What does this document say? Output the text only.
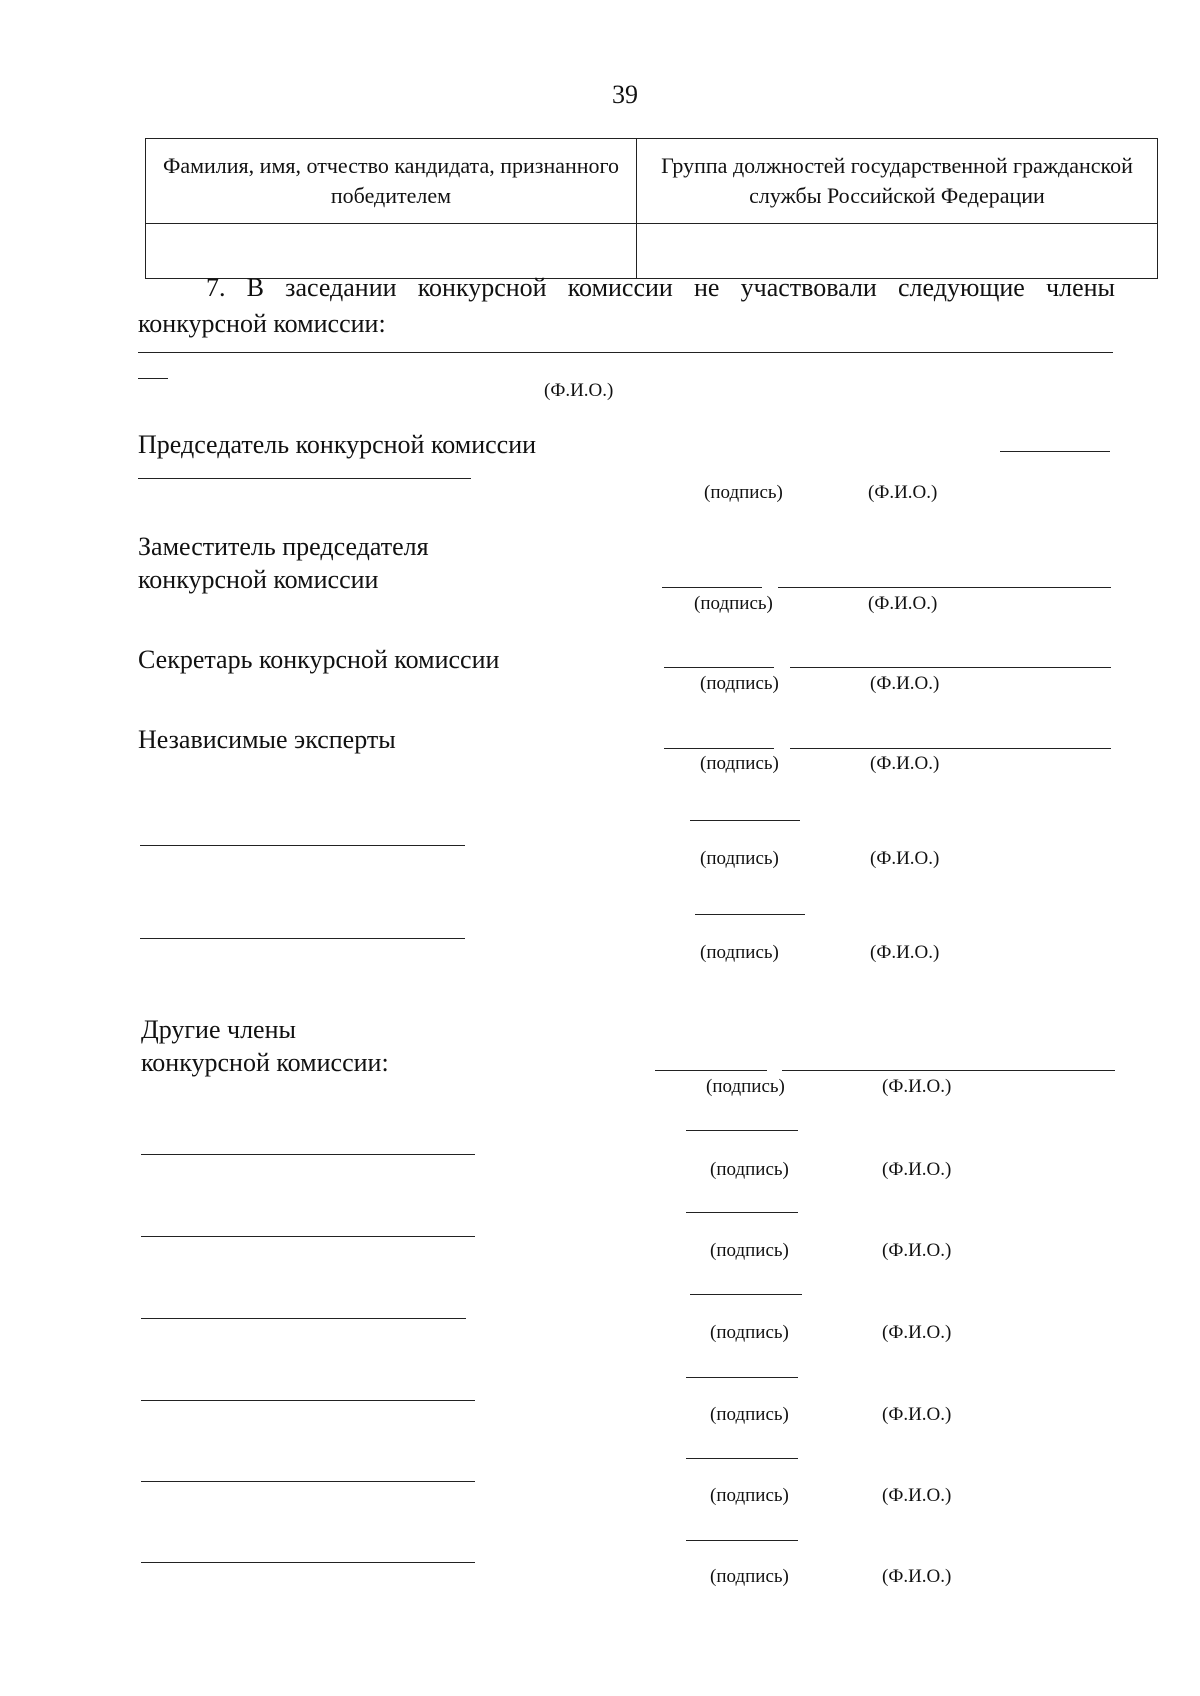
39
Фамилия, имя, отчество кандидата, признанного победителем	Группа должностей государственной гражданской службы Российской Федерации

7. В заседании конкурсной комиссии не участвовали следующие члены конкурсной комиссии:
(Ф.И.О.)
Председатель конкурсной комиссии
(подпись)	(Ф.И.О.)
Заместитель председателя
конкурсной комиссии
(подпись)	(Ф.И.О.)
Секретарь конкурсной комиссии
(подпись)	(Ф.И.О.)
Независимые эксперты
(подпись)	(Ф.И.О.)
(подпись)	(Ф.И.О.)
(подпись)	(Ф.И.О.)
Другие члены
конкурсной комиссии:
(подпись)	(Ф.И.О.)
(подпись)	(Ф.И.О.)
(подпись)	(Ф.И.О.)
(подпись)	(Ф.И.О.)
(подпись)	(Ф.И.О.)
(подпись)	(Ф.И.О.)
(подпись)	(Ф.И.О.)
